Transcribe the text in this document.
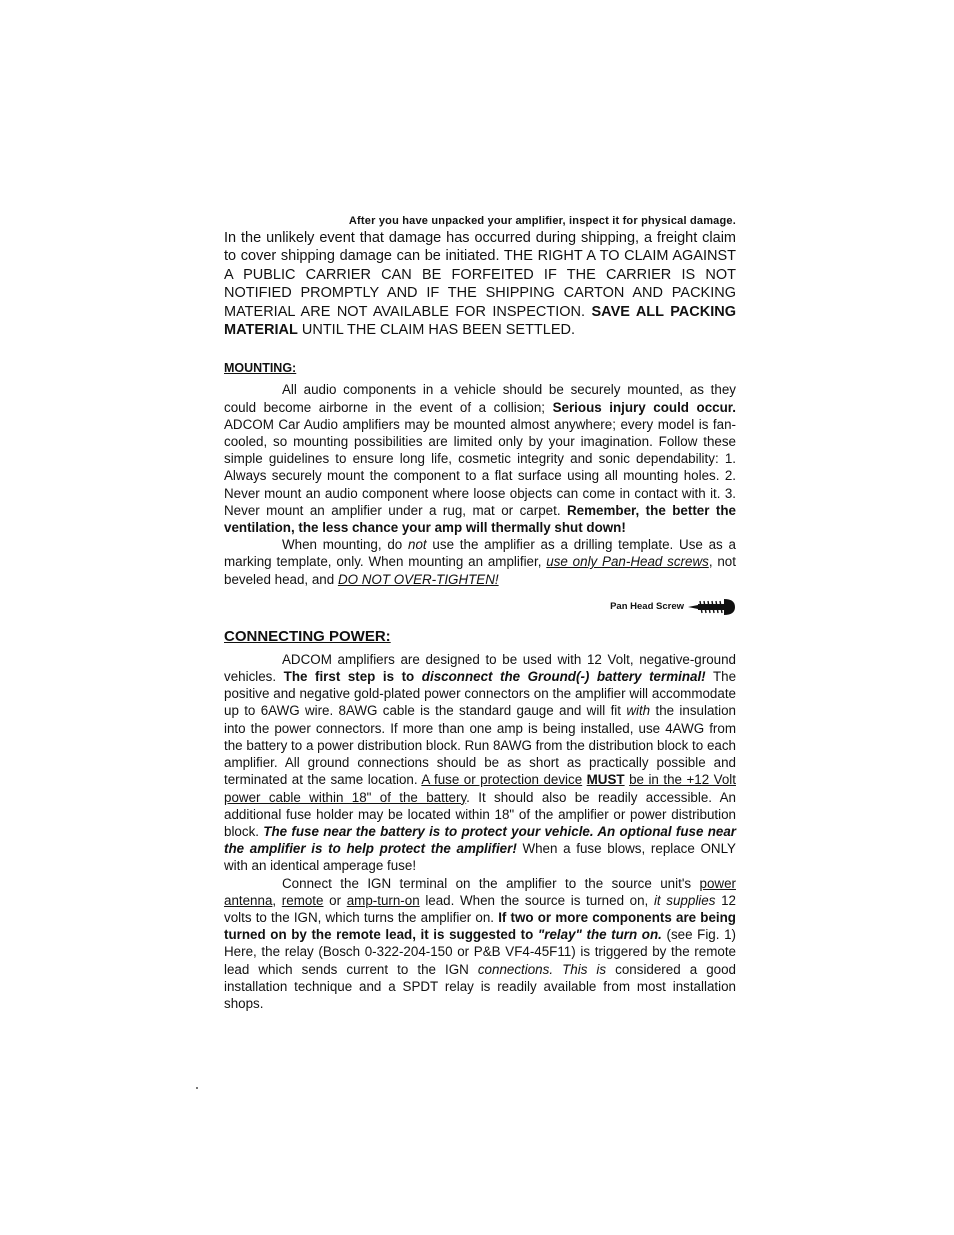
After you have unpacked your amplifier, inspect it for physical damage.

In the unlikely event that damage has occurred during shipping, a freight claim to cover shipping damage can be initiated. THE RIGHT A TO CLAIM AGAINST A PUBLIC CARRIER CAN BE FORFEITED IF THE CARRIER IS NOT NOTIFIED PROMPTLY AND IF THE SHIPPING CARTON AND PACKING MATERIAL ARE NOT AVAILABLE FOR INSPECTION. SAVE ALL PACKING MATERIAL UNTIL THE CLAIM HAS BEEN SETTLED.

MOUNTING:

All audio components in a vehicle should be securely mounted, as they could become airborne in the event of a collision; Serious injury could occur. ADCOM Car Audio amplifiers may be mounted almost anywhere; every model is fan-cooled, so mounting possibilities are limited only by your imagination. Follow these simple guidelines to ensure long life, cosmetic integrity and sonic dependability: 1. Always securely mount the component to a flat surface using all mounting holes. 2. Never mount an audio component where loose objects can come in contact with it. 3. Never mount an amplifier under a rug, mat or carpet. Remember, the better the ventilation, the less chance your amp will thermally shut down!

When mounting, do not use the amplifier as a drilling template. Use as a marking template, only. When mounting an amplifier, use only Pan-Head screws, not beveled head, and DO NOT OVER-TIGHTEN!

Pan Head Screw
CONNECTING POWER:

ADCOM amplifiers are designed to be used with 12 Volt, negative-ground vehicles. The first step is to disconnect the Ground(-) battery terminal! The positive and negative gold-plated power connectors on the amplifier will accommodate up to 6AWG wire. 8AWG cable is the standard gauge and will fit with the insulation into the power connectors. If more than one amp is being installed, use 4AWG from the battery to a power distribution block. Run 8AWG from the distribution block to each amplifier. All ground connections should be as short as practically possible and terminated at the same location. A fuse or protection device MUST be in the +12 Volt power cable within 18" of the battery. It should also be readily accessible. An additional fuse holder may be located within 18" of the amplifier or power distribution block. The fuse near the battery is to protect your vehicle. An optional fuse near the amplifier is to help protect the amplifier! When a fuse blows, replace ONLY with an identical amperage fuse!

Connect the IGN terminal on the amplifier to the source unit's power antenna, remote or amp-turn-on lead. When the source is turned on, it supplies 12 volts to the IGN, which turns the amplifier on. If two or more components are being turned on by the remote lead, it is suggested to "relay" the turn on. (see Fig. 1) Here, the relay (Bosch 0-322-204-150 or P&B VF4-45F11) is triggered by the remote lead which sends current to the IGN connections. This is considered a good installation technique and a SPDT relay is readily available from most installation shops.
